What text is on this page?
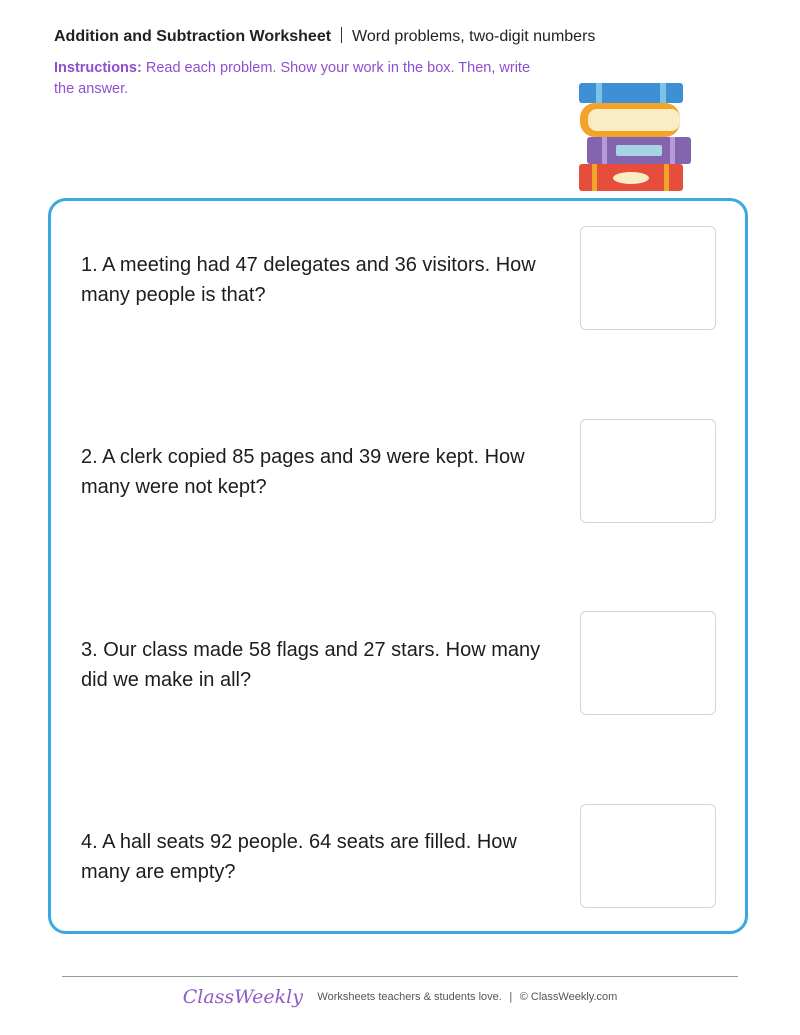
Addition and Subtraction Worksheet Word problems, two-digit numbers
Instructions: Read each problem. Show your work in the box. Then, write the answer.
1. A meeting had 47 delegates and 36 visitors. How many people is that?
2. A clerk copied 85 pages and 39 were kept. How many were not kept?
3. Our class made 58 flags and 27 stars. How many did we make in all?
4. A hall seats 92 people. 64 seats are filled. How many are empty?
ClassWeekly Worksheets teachers & students love.  |  © ClassWeekly.com
